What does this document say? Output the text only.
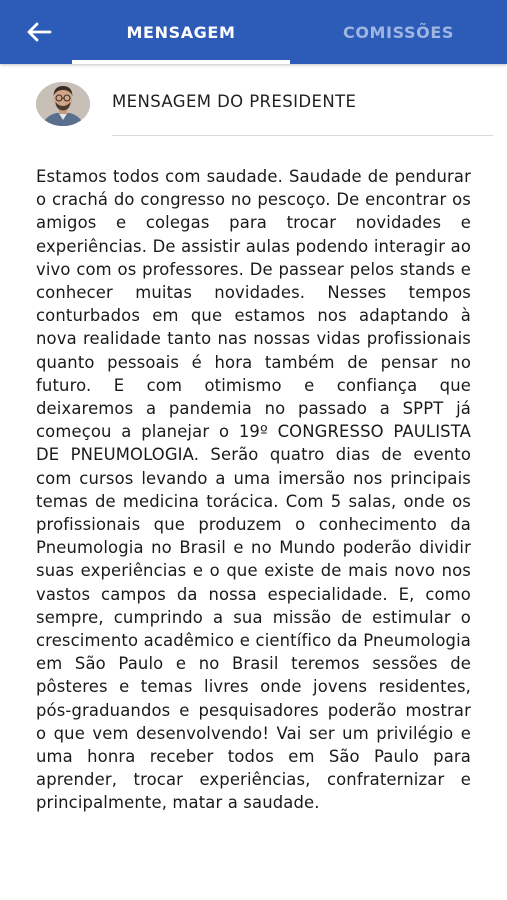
MENSAGEM	COMISSÕES
MENSAGEM DO PRESIDENTE
Estamos todos com saudade. Saudade de pendurar o crachá do congresso no pescoço. De encontrar os amigos e colegas para trocar novidades e experiências. De assistir aulas podendo interagir ao vivo com os professores. De passear pelos stands e conhecer muitas novidades. Nesses tempos conturbados em que estamos nos adaptando à nova realidade tanto nas nossas vidas profissionais quanto pessoais é hora também de pensar no futuro. E com otimismo e confiança que deixaremos a pandemia no passado a SPPT já começou a planejar o 19º CONGRESSO PAULISTA DE PNEUMOLOGIA. Serão quatro dias de evento com cursos levando a uma imersão nos principais temas de medicina torácica. Com 5 salas, onde os profissionais que produzem o conhecimento da Pneumologia no Brasil e no Mundo poderão dividir suas experiências e o que existe de mais novo nos vastos campos da nossa especialidade. E, como sempre, cumprindo a sua missão de estimular o crescimento acadêmico e científico da Pneumologia em São Paulo e no Brasil teremos sessões de pôsteres e temas livres onde jovens residentes, pós-graduandos e pesquisadores poderão mostrar o que vem desenvolvendo! Vai ser um privilégio e uma honra receber todos em São Paulo para aprender, trocar experiências, confraternizar e principalmente, matar a saudade.
